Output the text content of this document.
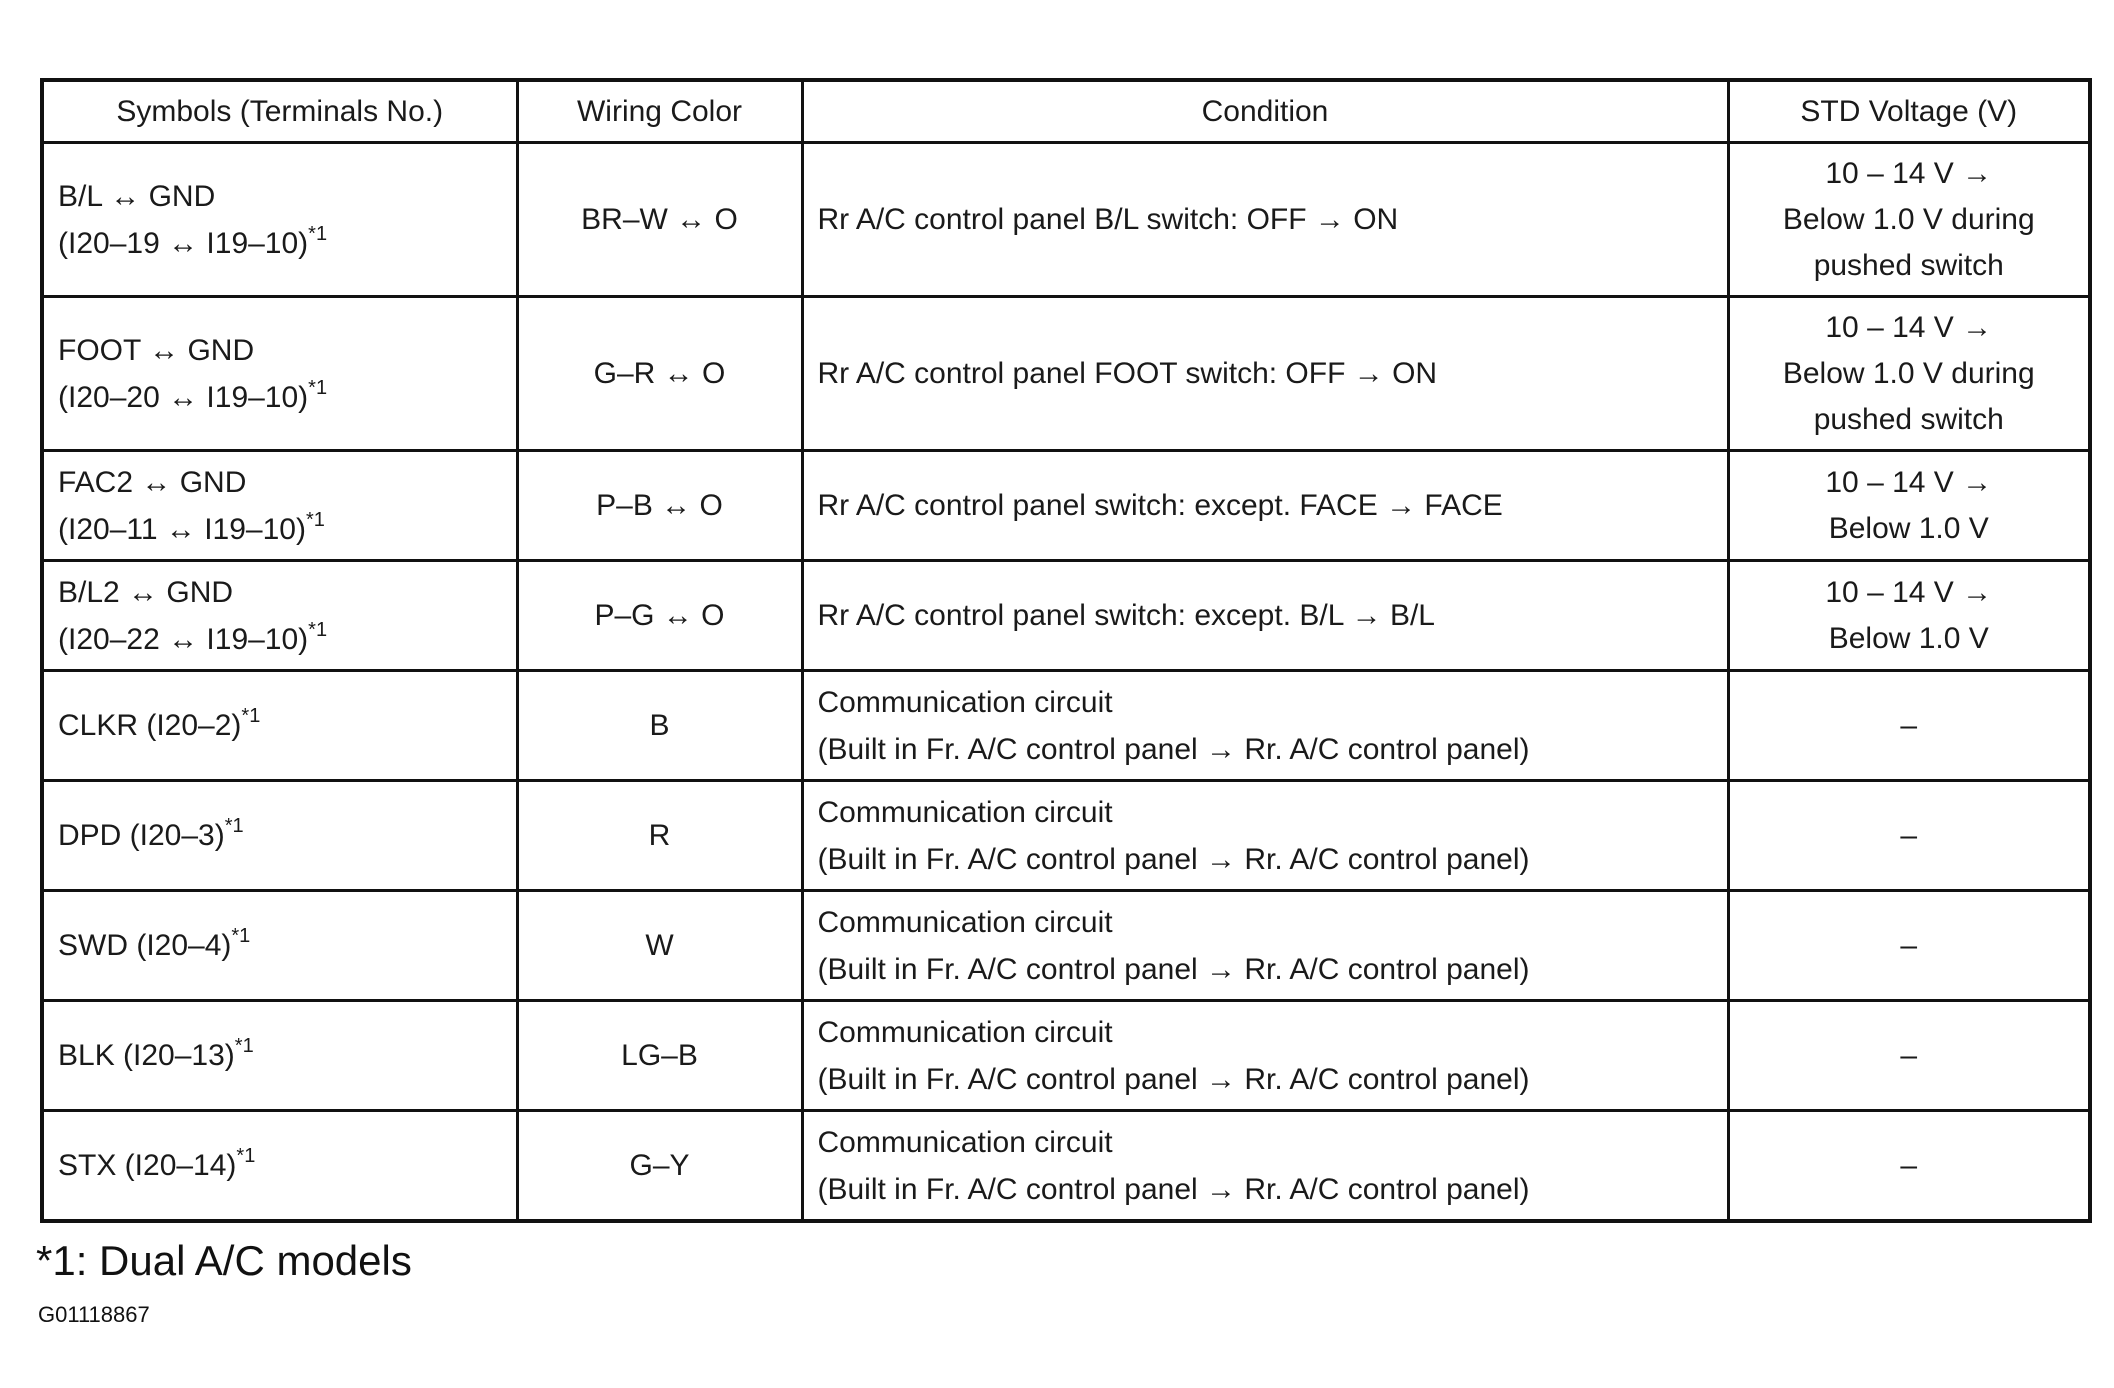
Symbols (Terminals No.)	Wiring Color	Condition	STD Voltage (V)

B/L ↔ GND
(I20–19 ↔ I19–10)$^{*1}$	BR–W ↔ O	Rr A/C control panel B/L switch: OFF → ON	10 – 14 V →
Below 1.0 V during
pushed switch

FOOT ↔ GND
(I20–20 ↔ I19–10)$^{*1}$	G–R ↔ O	Rr A/C control panel FOOT switch: OFF → ON	10 – 14 V →
Below 1.0 V during
pushed switch

FAC2 ↔ GND
(I20–11 ↔ I19–10)$^{*1}$	P–B ↔ O	Rr A/C control panel switch: except. FACE → FACE	10 – 14 V →
Below 1.0 V

B/L2 ↔ GND
(I20–22 ↔ I19–10)$^{*1}$	P–G ↔ O	Rr A/C control panel switch: except. B/L → B/L	10 – 14 V →
Below 1.0 V

CLKR (I20–2)$^{*1}$	B	Communication circuit
(Built in Fr. A/C control panel → Rr. A/C control panel)	–
DPD (I20–3)$^{*1}$	R	Communication circuit
(Built in Fr. A/C control panel → Rr. A/C control panel)	–
SWD (I20–4)$^{*1}$	W	Communication circuit
(Built in Fr. A/C control panel → Rr. A/C control panel)	–
BLK (I20–13)$^{*1}$	LG–B	Communication circuit
(Built in Fr. A/C control panel → Rr. A/C control panel)	–
STX (I20–14)$^{*1}$	G–Y	Communication circuit
(Built in Fr. A/C control panel → Rr. A/C control panel)	–
*1: Dual A/C models
G01118867
